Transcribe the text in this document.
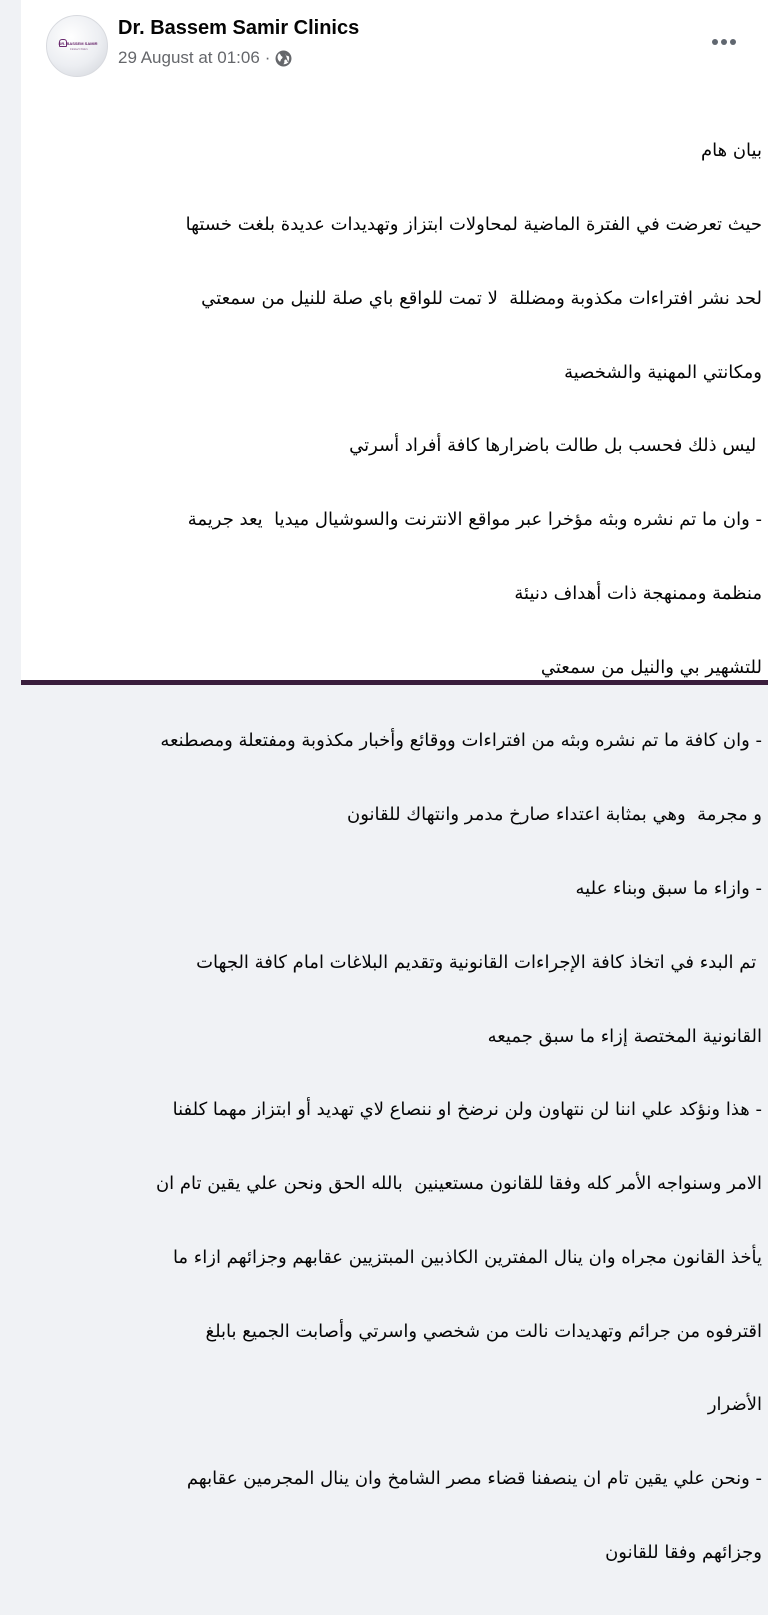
DR. BASSEM SAMIR
Dental Clinics
Dr. Bassem Samir Clinics
29 August at 01:06 ·

بيان هام

حيث تعرضت في الفترة الماضية لمحاولات ابتزاز وتهديدات عديدة بلغت خستها

لحد نشر افتراءات مكذوبة ومضللة  لا تمت للواقع باي صلة للنيل من سمعتي

ومكانتي المهنية والشخصية

ليس ذلك فحسب بل طالت باضرارها كافة أفراد أسرتي

- وان ما تم نشره وبثه مؤخرا عبر مواقع الانترنت والسوشيال ميديا  يعد جريمة

منظمة وممنهجة ذات أهداف دنيئة

للتشهير بي والنيل من سمعتي

- وان كافة ما تم نشره وبثه من افتراءات ووقائع وأخبار مكذوبة ومفتعلة ومصطنعه

و مجرمة  وهي بمثابة اعتداء صارخ مدمر وانتهاك للقانون

- وازاء ما سبق وبناء عليه

تم البدء في اتخاذ كافة الإجراءات القانونية وتقديم البلاغات امام كافة الجهات

القانونية المختصة إزاء ما سبق جميعه

- هذا ونؤكد علي اننا لن نتهاون ولن نرضخ او ننصاع لاي تهديد أو ابتزاز مهما كلفنا

الامر وسنواجه الأمر كله وفقا للقانون مستعينين  بالله الحق ونحن علي يقين تام ان

يأخذ القانون مجراه وان ينال المفترين الكاذبين المبتزيين عقابهم وجزائهم ازاء ما

اقترفوه من جرائم وتهديدات نالت من شخصي واسرتي وأصابت الجميع بابلغ

الأضرار

- ونحن علي يقين تام ان ينصفنا قضاء مصر الشامخ وان ينال المجرمين عقابهم

وجزائهم وفقا للقانون
